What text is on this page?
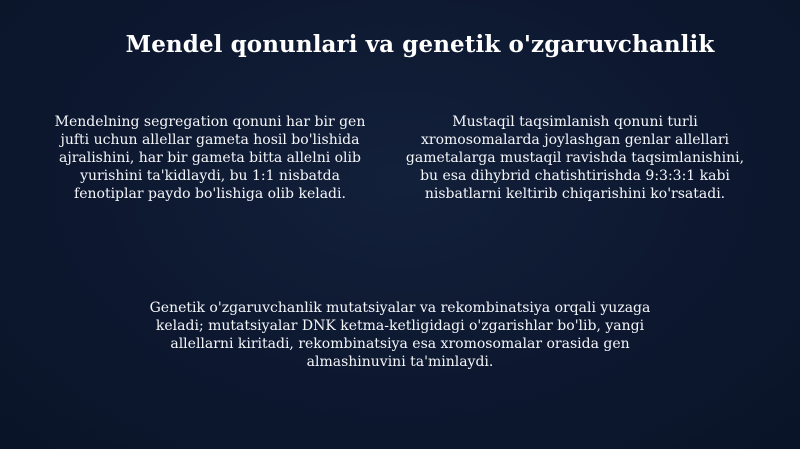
Mendel qonunlari va genetik o'zgaruvchanlik

Mendelning segregation qonuni har bir gen jufti uchun allellar gameta hosil bo'lishida ajralishini, har bir gameta bitta allelni olib yurishini ta'kidlaydi, bu 1:1 nisbatda fenotiplar paydo bo'lishiga olib keladi.

Mustaqil taqsimlanish qonuni turli xromosomalarda joylashgan genlar allellari gametalarga mustaqil ravishda taqsimlanishini, bu esa dihybrid chatishtirishda 9:3:3:1 kabi nisbatlarni keltirib chiqarishini ko'rsatadi.

Genetik o'zgaruvchanlik mutatsiyalar va rekombinatsiya orqali yuzaga keladi; mutatsiyalar DNK ketma-ketligidagi o'zgarishlar bo'lib, yangi allellarni kiritadi, rekombinatsiya esa xromosomalar orasida gen almashinuvini ta'minlaydi.
